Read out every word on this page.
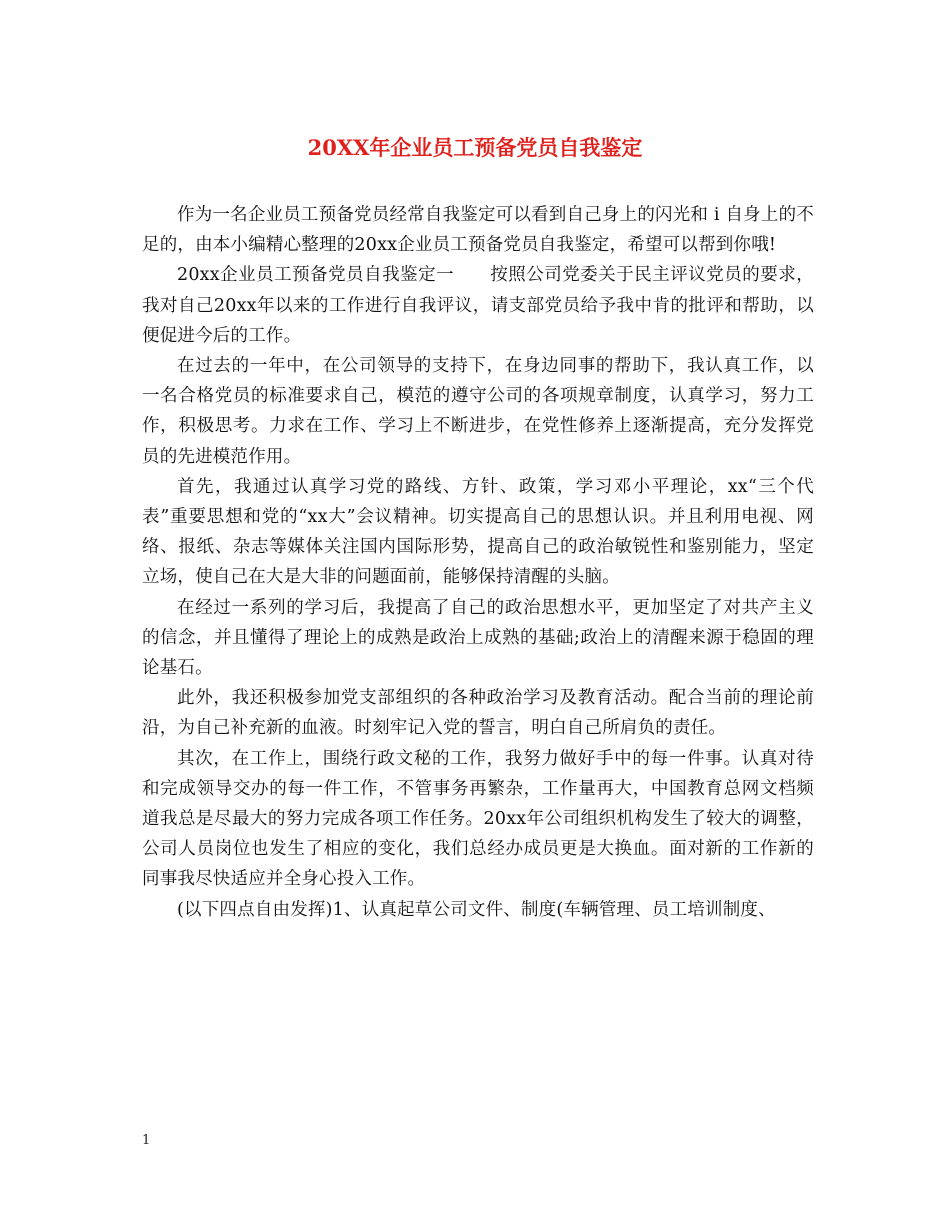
20XX年企业员工预备党员自我鉴定

作为一名企业员工预备党员经常自我鉴定可以看到自己身上的闪光和 i 自身上的不足的，由本小编精心整理的20xx企业员工预备党员自我鉴定，希望可以帮到你哦!

20xx企业员工预备党员自我鉴定一　　按照公司党委关于民主评议党员的要求，我对自己20xx年以来的工作进行自我评议，请支部党员给予我中肯的批评和帮助，以便促进今后的工作。

在过去的一年中，在公司领导的支持下，在身边同事的帮助下，我认真工作，以一名合格党员的标准要求自己，模范的遵守公司的各项规章制度，认真学习，努力工作，积极思考。力求在工作、学习上不断进步，在党性修养上逐渐提高，充分发挥党员的先进模范作用。

首先，我通过认真学习党的路线、方针、政策，学习邓小平理论，xx“三个代表”重要思想和党的“xx大”会议精神。切实提高自己的思想认识。并且利用电视、网络、报纸、杂志等媒体关注国内国际形势，提高自己的政治敏锐性和鉴别能力，坚定立场，使自己在大是大非的问题面前，能够保持清醒的头脑。

在经过一系列的学习后，我提高了自己的政治思想水平，更加坚定了对共产主义的信念，并且懂得了理论上的成熟是政治上成熟的基础;政治上的清醒来源于稳固的理论基石。

此外，我还积极参加党支部组织的各种政治学习及教育活动。配合当前的理论前沿，为自己补充新的血液。时刻牢记入党的誓言，明白自己所肩负的责任。

其次，在工作上，围绕行政文秘的工作，我努力做好手中的每一件事。认真对待和完成领导交办的每一件工作，不管事务再繁杂，工作量再大，中国教育总网文档频道我总是尽最大的努力完成各项工作任务。20xx年公司组织机构发生了较大的调整，公司人员岗位也发生了相应的变化，我们总经办成员更是大换血。面对新的工作新的同事我尽快适应并全身心投入工作。

(以下四点自由发挥)1、认真起草公司文件、制度(车辆管理、员工培训制度、

1
